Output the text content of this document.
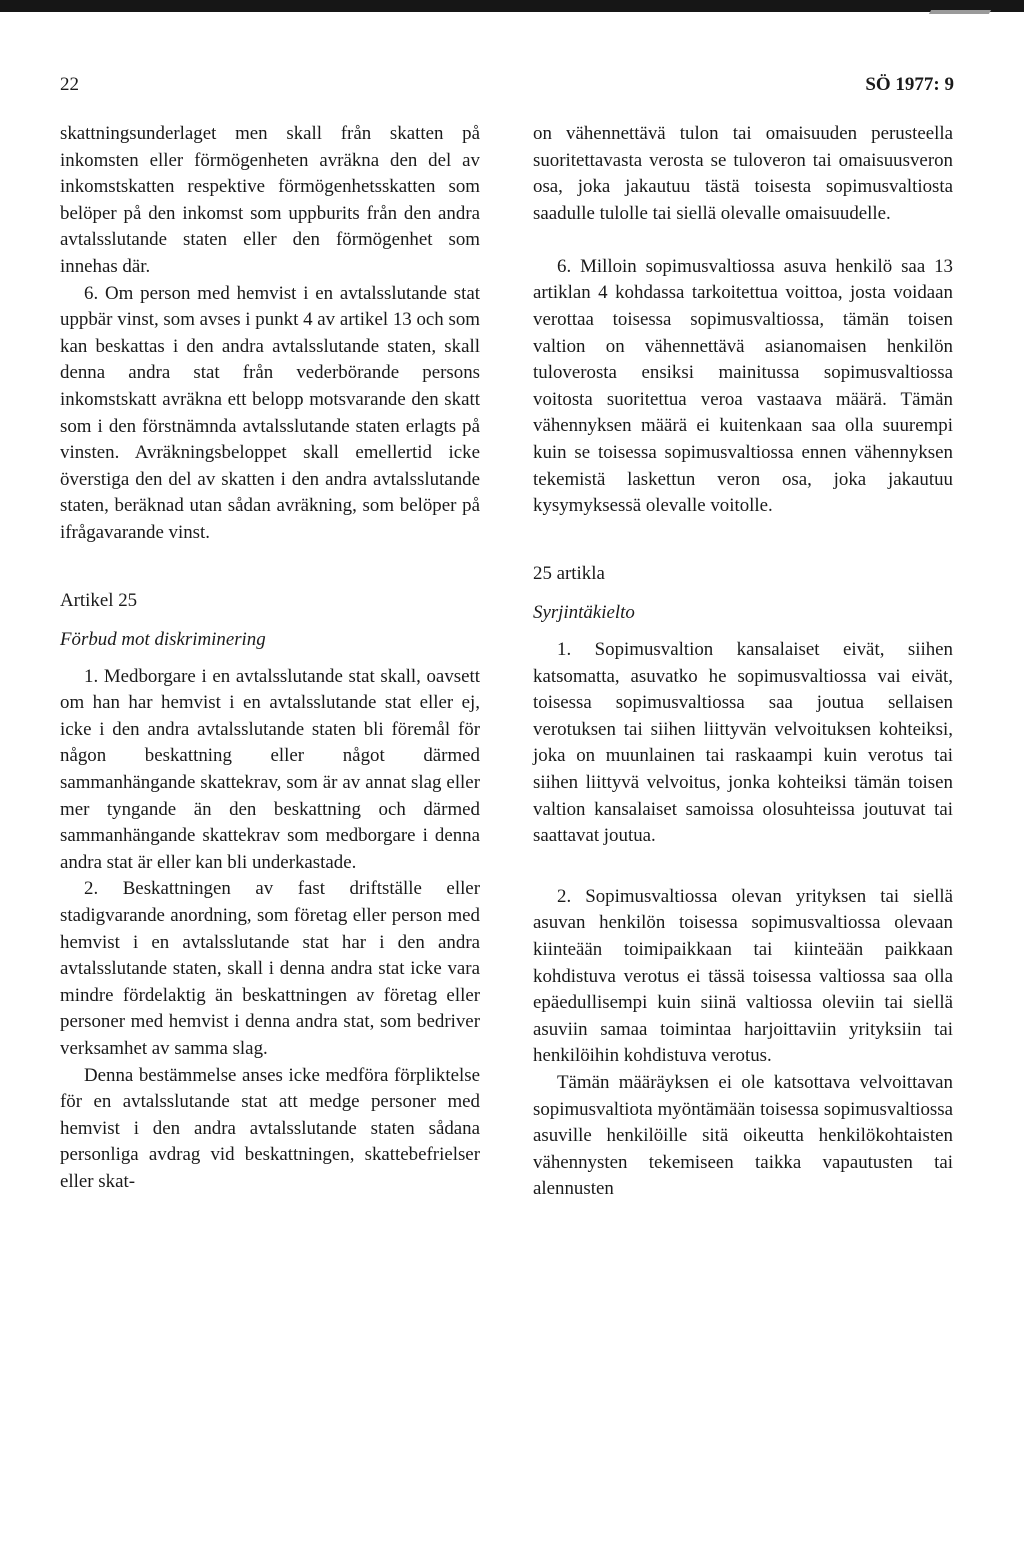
22	SÖ 1977: 9

skattningsunderlaget men skall från skatten på inkomsten eller förmögenheten avräkna den del av inkomstskatten respektive förmögenhetsskatten som belöper på den inkomst som uppburits från den andra avtalsslutande staten eller den förmögenhet som innehas där.

6. Om person med hemvist i en avtalsslutande stat uppbär vinst, som avses i punkt 4 av artikel 13 och som kan beskattas i den andra avtalsslutande staten, skall denna andra stat från vederbörande persons inkomstskatt avräkna ett belopp motsvarande den skatt som i den förstnämnda avtalsslutande staten erlagts på vinsten. Avräkningsbeloppet skall emellertid icke överstiga den del av skatten i den andra avtalsslutande staten, beräknad utan sådan avräkning, som belöper på ifrågavarande vinst.

Artikel 25

Förbud mot diskriminering

1. Medborgare i en avtalsslutande stat skall, oavsett om han har hemvist i en avtalsslutande stat eller ej, icke i den andra avtalsslutande staten bli föremål för någon beskattning eller något därmed sammanhängande skattekrav, som är av annat slag eller mer tyngande än den beskattning och därmed sammanhängande skattekrav som medborgare i denna andra stat är eller kan bli underkastade.

2. Beskattningen av fast driftställe eller stadigvarande anordning, som företag eller person med hemvist i en avtalsslutande stat har i den andra avtalsslutande staten, skall i denna andra stat icke vara mindre fördelaktig än beskattningen av företag eller personer med hemvist i denna andra stat, som bedriver verksamhet av samma slag.

Denna bestämmelse anses icke medföra förpliktelse för en avtalsslutande stat att medge personer med hemvist i den andra avtalsslutande staten sådana personliga avdrag vid beskattningen, skattebefrielser eller skat-

on vähennettävä tulon tai omaisuuden perusteella suoritettavasta verosta se tuloveron tai omaisuusveron osa, joka jakautuu tästä toisesta sopimusvaltiosta saadulle tulolle tai siellä olevalle omaisuudelle.

6. Milloin sopimusvaltiossa asuva henkilö saa 13 artiklan 4 kohdassa tarkoitettua voittoa, josta voidaan verottaa toisessa sopimusvaltiossa, tämän toisen valtion on vähennettävä asianomaisen henkilön tuloverosta ensiksi mainitussa sopimusvaltiossa voitosta suoritettua veroa vastaava määrä. Tämän vähennyksen määrä ei kuitenkaan saa olla suurempi kuin se toisessa sopimusvaltiossa ennen vähennyksen tekemistä laskettun veron osa, joka jakautuu kysymyksessä olevalle voitolle.

25 artikla

Syrjintäkielto

1. Sopimusvaltion kansalaiset eivät, siihen katsomatta, asuvatko he sopimusvaltiossa vai eivät, toisessa sopimusvaltiossa saa joutua sellaisen verotuksen tai siihen liittyvän velvoituksen kohteiksi, joka on muunlainen tai raskaampi kuin verotus tai siihen liittyvä velvoitus, jonka kohteiksi tämän toisen valtion kansalaiset samoissa olosuhteissa joutuvat tai saattavat joutua.

2. Sopimusvaltiossa olevan yrityksen tai siellä asuvan henkilön toisessa sopimusvaltiossa olevaan kiinteään toimipaikkaan tai kiinteään paikkaan kohdistuva verotus ei tässä toisessa valtiossa saa olla epäedullisempi kuin siinä valtiossa oleviin tai siellä asuviin samaa toimintaa harjoittaviin yrityksiin tai henkilöihin kohdistuva verotus.

Tämän määräyksen ei ole katsottava velvoittavan sopimusvaltiota myöntämään toisessa sopimusvaltiossa asuville henkilöille sitä oikeutta henkilökohtaisten vähennysten tekemiseen taikka vapautusten tai alennusten
